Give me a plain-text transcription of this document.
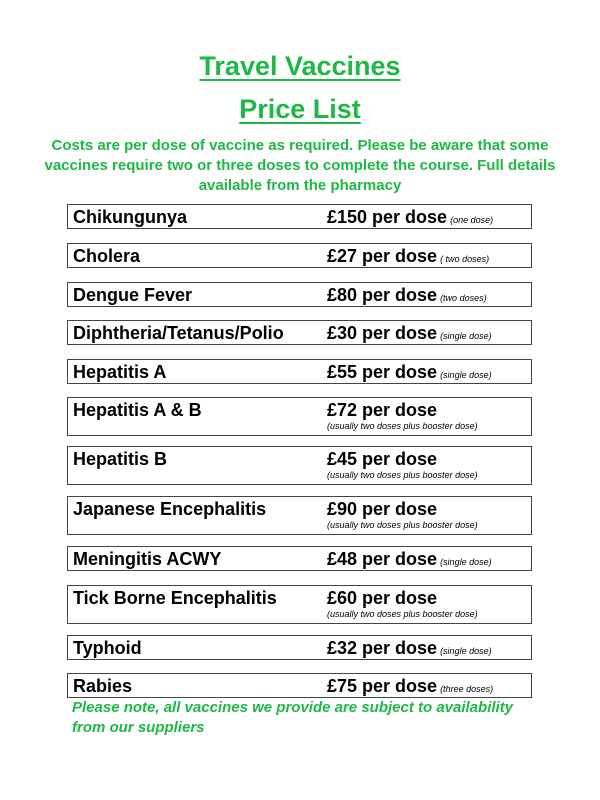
Travel Vaccines
Price List

Costs are per dose of vaccine as required. Please be aware that some vaccines require two or three doses to complete the course. Full details available from the pharmacy

Chikungunya	£150 per dose (one dose)
Cholera	£27 per dose ( two doses)
Dengue Fever	£80 per dose (two doses)
Diphtheria/Tetanus/Polio £30 per dose (single dose)
Hepatitis A	£55 per dose (single dose)
Hepatitis A & B	£72 per dose
(usually two doses plus booster dose)
Hepatitis B	£45 per dose
(usually two doses plus booster dose)
Japanese Encephalitis	£90 per dose
(usually two doses plus booster dose)
Meningitis ACWY	£48 per dose (single dose)
Tick Borne Encephalitis	£60 per dose
(usually two doses plus booster dose)
Typhoid	£32 per dose (single dose)
Rabies	£75 per dose (three doses)

Please note, all vaccines we provide are subject to availability from our suppliers
